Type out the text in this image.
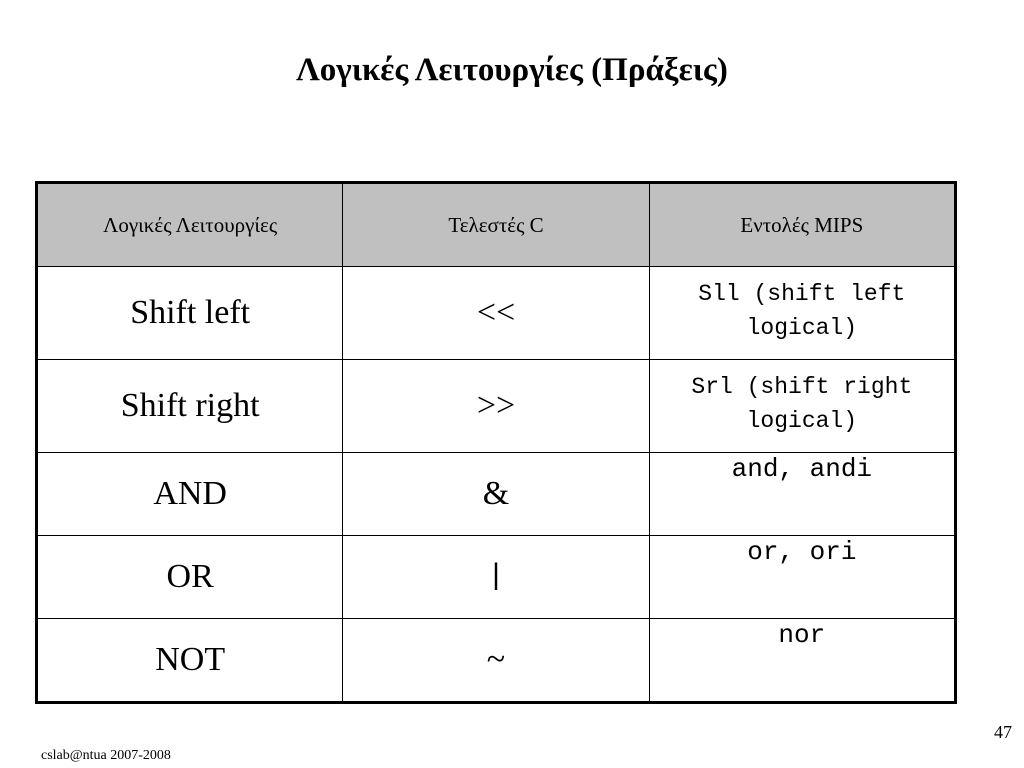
Λογικές Λειτουργίες (Πράξεις)
Λογικές Λειτουργίες	Τελεστές C	Εντολές MIPS
Shift left	<<	Sll (shift left logical)
Shift right	>>	Srl (shift right logical)
AND	&	and, andi
OR	|	or, ori
NOT	~	nor
cslab@ntua 2007-2008
47
